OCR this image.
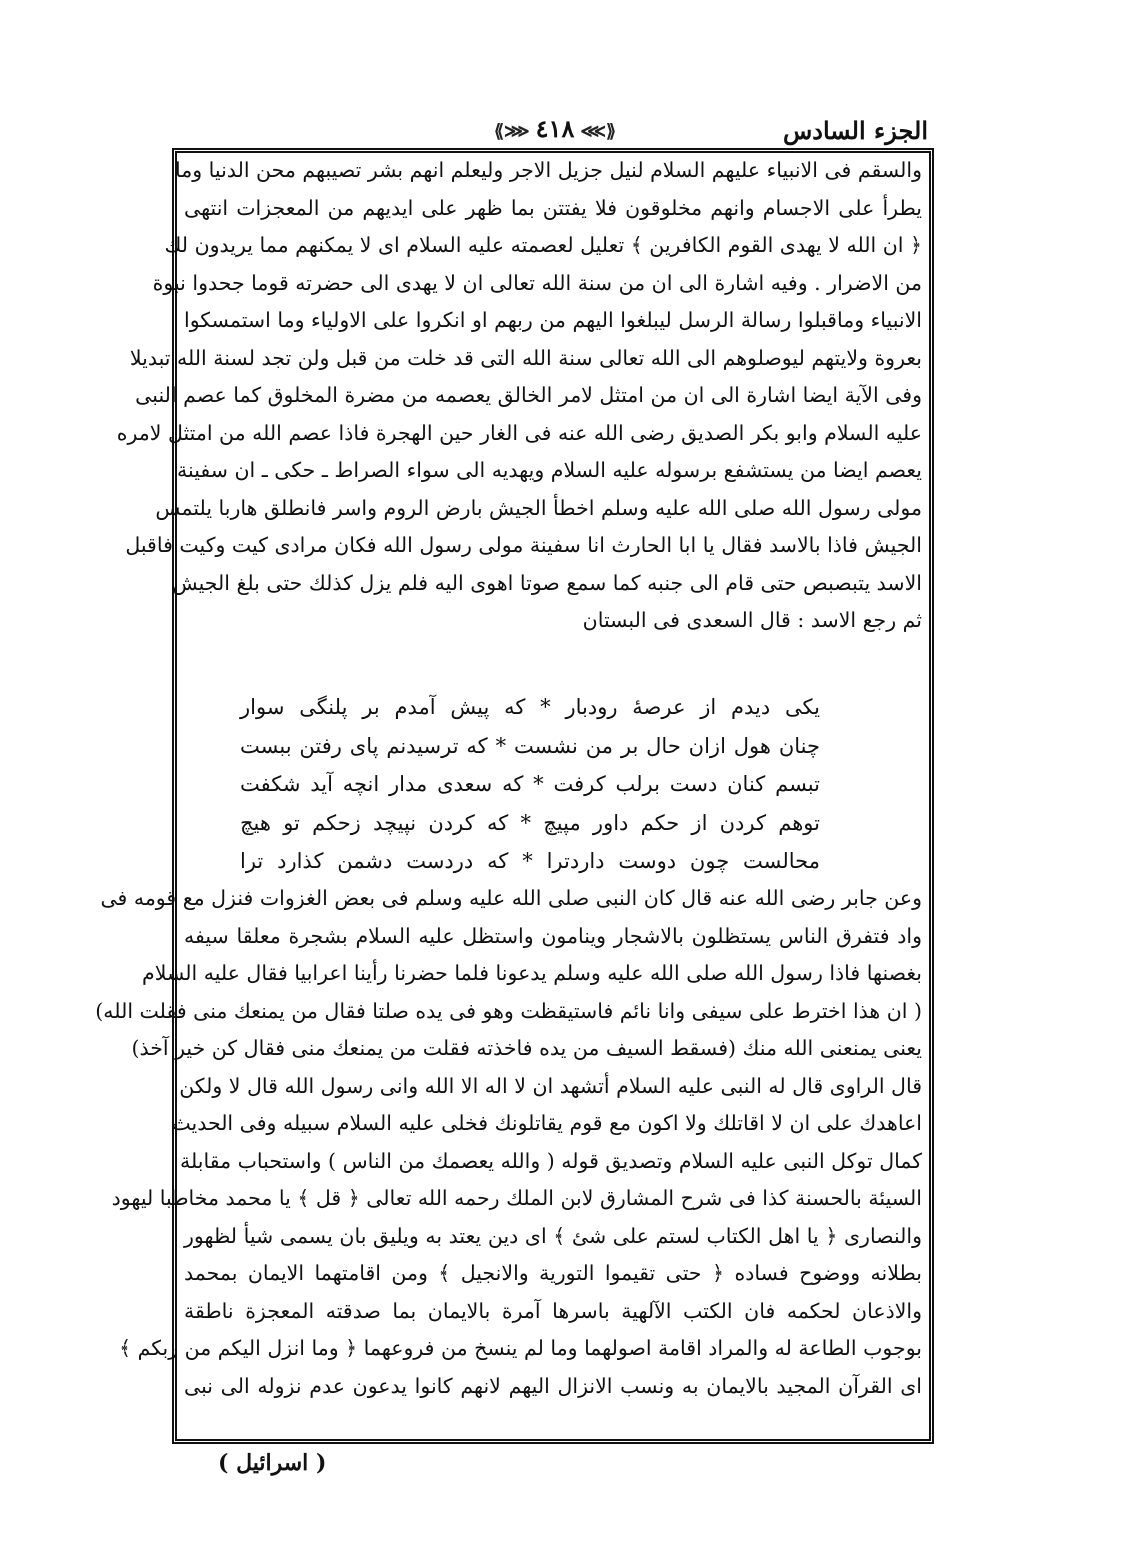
الجزء السادس
⟪⋙٤١٨⋘⟫
والسقم فى الانبياء عليهم السلام لنيل جزيل الاجر وليعلم انهم بشر تصيبهم محن الدنيا وما
يطرأ على الاجسام وانهم مخلوقون فلا يفتتن بما ظهر على ايديهم من المعجزات انتهى
﴿ ان الله لا يهدى القوم الكافرين ﴾ تعليل لعصمته عليه السلام اى لا يمكنهم مما يريدون لك
من الاضرار . وفيه اشارة الى ان من سنة الله تعالى ان لا يهدى الى حضرته قوما جحدوا نبوة
الانبياء وماقبلوا رسالة الرسل ليبلغوا اليهم من ربهم او انكروا على الاولياء وما استمسكوا
بعروة ولايتهم ليوصلوهم الى الله تعالى سنة الله التى قد خلت من قبل ولن تجد لسنة الله تبديلا
وفى الآية ايضا اشارة الى ان من امتثل لامر الخالق يعصمه من مضرة المخلوق كما عصم النبى
عليه السلام وابو بكر الصديق رضى الله عنه فى الغار حين الهجرة فاذا عصم الله من امتثل لامره
يعصم ايضا من يستشفع برسوله عليه السلام ويهديه الى سواء الصراط ـ حكى ـ ان سفينة
مولى رسول الله صلى الله عليه وسلم اخطأ الجيش بارض الروم واسر فانطلق هاربا يلتمس
الجيش فاذا بالاسد فقال يا ابا الحارث انا سفينة مولى رسول الله فكان مرادى كيت وكيت فاقبل
الاسد يتبصبص حتى قام الى جنبه كما سمع صوتا اهوى اليه فلم يزل كذلك حتى بلغ الجيش
ثم رجع الاسد : قال السعدى فى البستان
يكى ديدم از عرصهٔ رودبار * كه پيش آمدم بر پلنگى سوار
چنان هول ازان حال بر من نشست * كه ترسيدنم پاى رفتن ببست
تبسم كنان دست برلب كرفت * كه سعدى مدار انچه آيد شكفت
توهم كردن از حكم داور مپيچ * كه كردن نپيچد زحكم تو هيچ
محالست چون دوست داردترا * كه دردست دشمن كذارد ترا
وعن جابر رضى الله عنه قال كان النبى صلى الله عليه وسلم فى بعض الغزوات فنزل مع قومه فى
واد فتفرق الناس يستظلون بالاشجار وينامون واستظل عليه السلام بشجرة معلقا سيفه
بغصنها فاذا رسول الله صلى الله عليه وسلم يدعونا فلما حضرنا رأينا اعرابيا فقال عليه السلام
( ان هذا اخترط على سيفى وانا نائم فاستيقظت وهو فى يده صلتا فقال من يمنعك منى فقلت الله)
يعنى يمنعنى الله منك (فسقط السيف من يده فاخذته فقلت من يمنعك منى فقال كن خير آخذ)
قال الراوى قال له النبى عليه السلام أتشهد ان لا اله الا الله وانى رسول الله قال لا ولكن
اعاهدك على ان لا اقاتلك ولا اكون مع قوم يقاتلونك فخلى عليه السلام سبيله وفى الحديث
كمال توكل النبى عليه السلام وتصديق قوله ( والله يعصمك من الناس ) واستحباب مقابلة
السيئة بالحسنة كذا فى شرح المشارق لابن الملك رحمه الله تعالى ﴿ قل ﴾ يا محمد مخاطبا ليهود
والنصارى ﴿ يا اهل الكتاب لستم على شئ ﴾ اى دين يعتد به ويليق بان يسمى شيأ لظهور
بطلانه ووضوح فساده ﴿ حتى تقيموا التورية والانجيل ﴾ ومن اقامتهما الايمان بمحمد
والاذعان لحكمه فان الكتب الآلهية باسرها آمرة بالايمان بما صدقته المعجزة ناطقة
بوجوب الطاعة له والمراد اقامة اصولهما وما لم ينسخ من فروعهما ﴿ وما انزل اليكم من ربكم ﴾
اى القرآن المجيد بالايمان به ونسب الانزال اليهم لانهم كانوا يدعون عدم نزوله الى نبى
( اسرائيل )
